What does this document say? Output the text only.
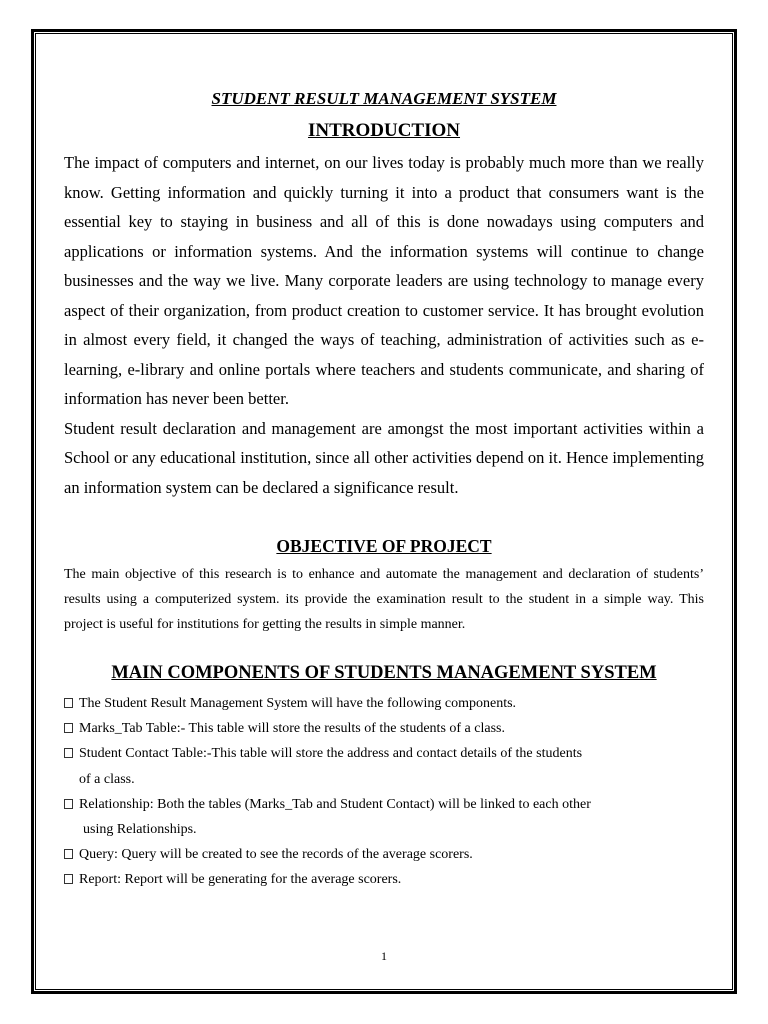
STUDENT RESULT MANAGEMENT SYSTEM
INTRODUCTION

The impact of computers and internet, on our lives today is probably much more than we really know. Getting information and quickly turning it into a product that consumers want is the essential key to staying in business and all of this is done nowadays using computers and applications or information systems. And the information systems will continue to change businesses and the way we live. Many corporate leaders are using technology to manage every aspect of their organization, from product creation to customer service. It has brought evolution in almost every field, it changed the ways of teaching, administration of activities such as e-learning, e-library and online portals where teachers and students communicate, and sharing of information has never been better.

Student result declaration and management are amongst the most important activities within a School or any educational institution, since all other activities depend on it. Hence implementing an information system can be declared a significance result.

OBJECTIVE OF PROJECT

The main objective of this research is to enhance and automate the management and declaration of students’ results using a computerized system. its provide the examination result to the student in a simple way. This project is useful for institutions for getting the results in simple manner.

MAIN COMPONENTS OF STUDENTS MANAGEMENT SYSTEM
The Student Result Management System will have the following components.
Marks_Tab Table:- This table will store the results of the students of a class.
Student Contact Table:-This table will store the address and contact details of the students
of a class.
Relationship: Both the tables (Marks_Tab and Student Contact) will be linked to each other
using Relationships.
Query: Query will be created to see the records of the average scorers.
Report: Report will be generating for the average scorers.
1
